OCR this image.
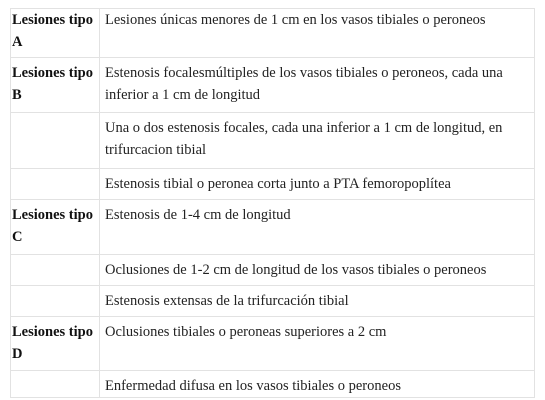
Lesiones tipo A	Lesiones únicas menores de 1 cm en los vasos tibiales o peroneos

Lesiones tipo B	Estenosis focalesmúltiples de los vasos tibiales o peroneos, cada una inferior a 1 cm de longitud

	Una o dos estenosis focales, cada una inferior a 1 cm de longitud, en trifurcacion tibial

	Estenosis tibial o peronea corta junto a PTA femoropoplítea

Lesiones tipo C	Estenosis de 1-4 cm de longitud

	Oclusiones de 1-2 cm de longitud de los vasos tibiales o peroneos

	Estenosis extensas de la trifurcación tibial

Lesiones tipo D	Oclusiones tibiales o peroneas superiores a 2 cm

	Enfermedad difusa en los vasos tibiales o peroneos
